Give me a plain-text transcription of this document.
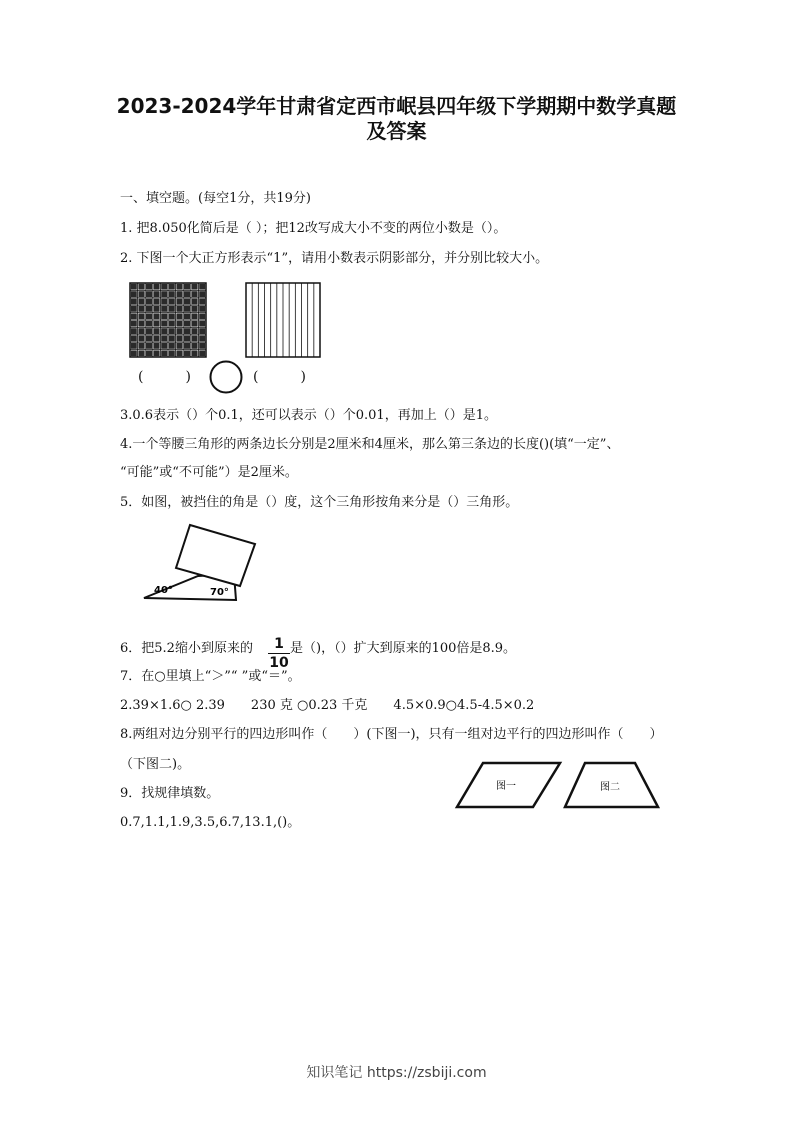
2023-2024学年甘肃省定西市岷县四年级下学期期中数学真题及答案
一、填空题。(每空1分，共19分)
1. 把8.050化简后是（ ）；把12改写成大小不变的两位小数是（）。
2. 下图一个大正方形表示“1”，请用小数表示阴影部分，并分别比较大小。
(　　　)	(　　　)
3.0.6表示（）个0.1，还可以表示（）个0.01，再加上（）是1。
4.一个等腰三角形的两条边长分别是2厘米和4厘米，那么第三条边的长度()(填“一定”、
“可能”或“不可能”）是2厘米。
5．如图，被挡住的角是（）度，这个三角形按角来分是（）三角形。
40°	70°
6．把5.2缩小到原来的	1
10
是（)，（）扩大到原来的100倍是8.9。
7．在○里填上“＞”“ ”或“＝”。
2.39×1.6○ 2.39　　230 克 ○0.23 千克　　4.5×0.9○4.5-4.5×0.2
8.两组对边分别平行的四边形叫作（　　）(下图一)，只有一组对边平行的四边形叫作（　　）
（下图二)。
图一	图二
9．找规律填数。
0.7,1.1,1.9,3.5,6.7,13.1,()。
知识笔记 https://zsbiji.com
